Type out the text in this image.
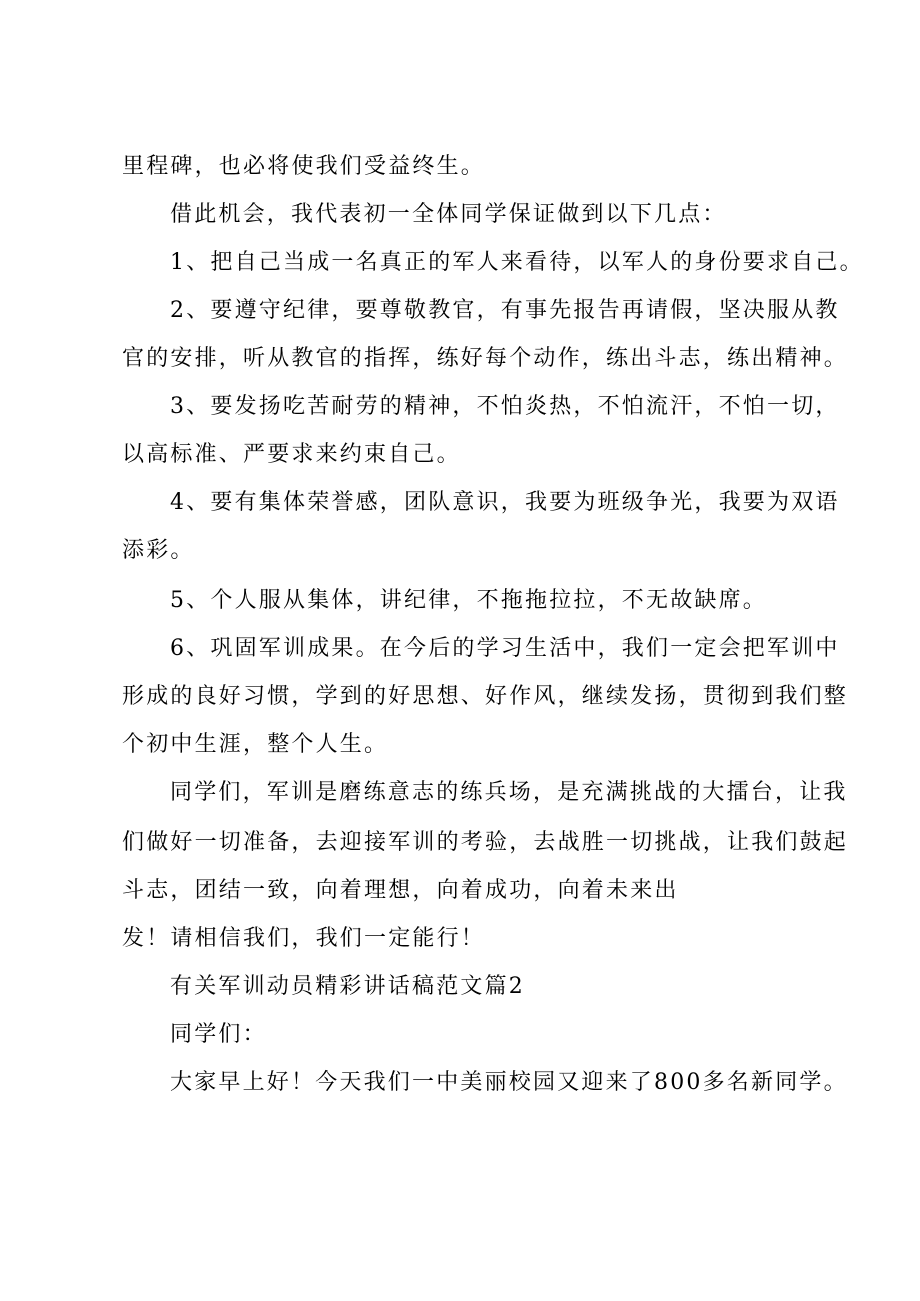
里程碑，也必将使我们受益终生。
借此机会，我代表初一全体同学保证做到以下几点：
1、把自己当成一名真正的军人来看待，以军人的身份要求自己。
2、要遵守纪律，要尊敬教官，有事先报告再请假，坚决服从教
官的安排，听从教官的指挥，练好每个动作，练出斗志，练出精神。
3、要发扬吃苦耐劳的精神，不怕炎热，不怕流汗，不怕一切，
以高标准、严要求来约束自己。
4、要有集体荣誉感，团队意识，我要为班级争光，我要为双语
添彩。
5、个人服从集体，讲纪律，不拖拖拉拉，不无故缺席。
6、巩固军训成果。在今后的学习生活中，我们一定会把军训中
形成的良好习惯，学到的好思想、好作风，继续发扬，贯彻到我们整
个初中生涯，整个人生。
同学们，军训是磨练意志的练兵场，是充满挑战的大擂台，让我
们做好一切准备，去迎接军训的考验，去战胜一切挑战，让我们鼓起
斗志，团结一致，向着理想，向着成功，向着未来出
发！请相信我们，我们一定能行！
有关军训动员精彩讲话稿范文篇2
同学们：
大家早上好！今天我们一中美丽校园又迎来了800多名新同学。
